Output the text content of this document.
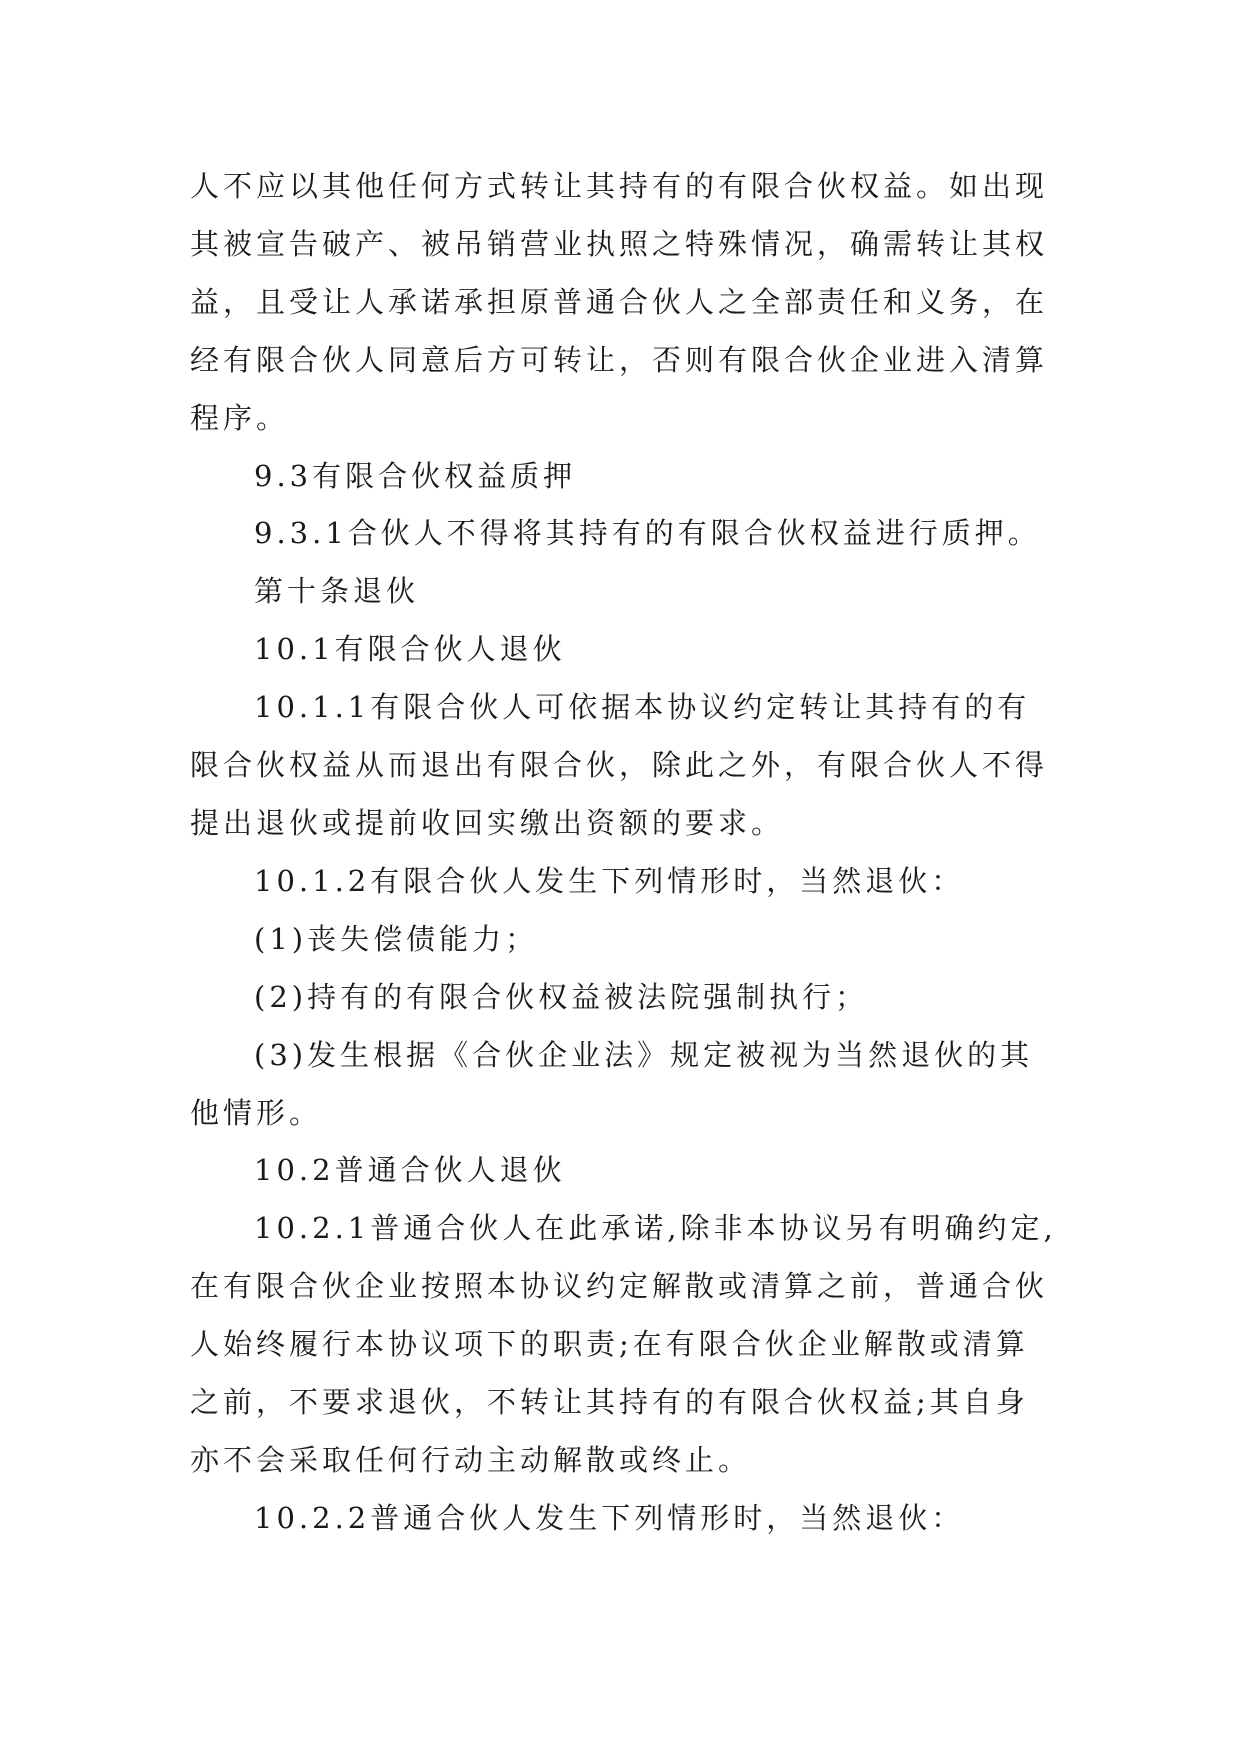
人不应以其他任何方式转让其持有的有限合伙权益。如出现
其被宣告破产、被吊销营业执照之特殊情况，确需转让其权
益，且受让人承诺承担原普通合伙人之全部责任和义务，在
经有限合伙人同意后方可转让，否则有限合伙企业进入清算
程序。
9.3有限合伙权益质押
9.3.1合伙人不得将其持有的有限合伙权益进行质押。
第十条退伙
10.1有限合伙人退伙
10.1.1有限合伙人可依据本协议约定转让其持有的有
限合伙权益从而退出有限合伙，除此之外，有限合伙人不得
提出退伙或提前收回实缴出资额的要求。
10.1.2有限合伙人发生下列情形时，当然退伙：
(1)丧失偿债能力；
(2)持有的有限合伙权益被法院强制执行；
(3)发生根据《合伙企业法》规定被视为当然退伙的其
他情形。
10.2普通合伙人退伙
10.2.1普通合伙人在此承诺,除非本协议另有明确约定,
在有限合伙企业按照本协议约定解散或清算之前，普通合伙
人始终履行本协议项下的职责;在有限合伙企业解散或清算
之前，不要求退伙，不转让其持有的有限合伙权益;其自身
亦不会采取任何行动主动解散或终止。
10.2.2普通合伙人发生下列情形时，当然退伙：
